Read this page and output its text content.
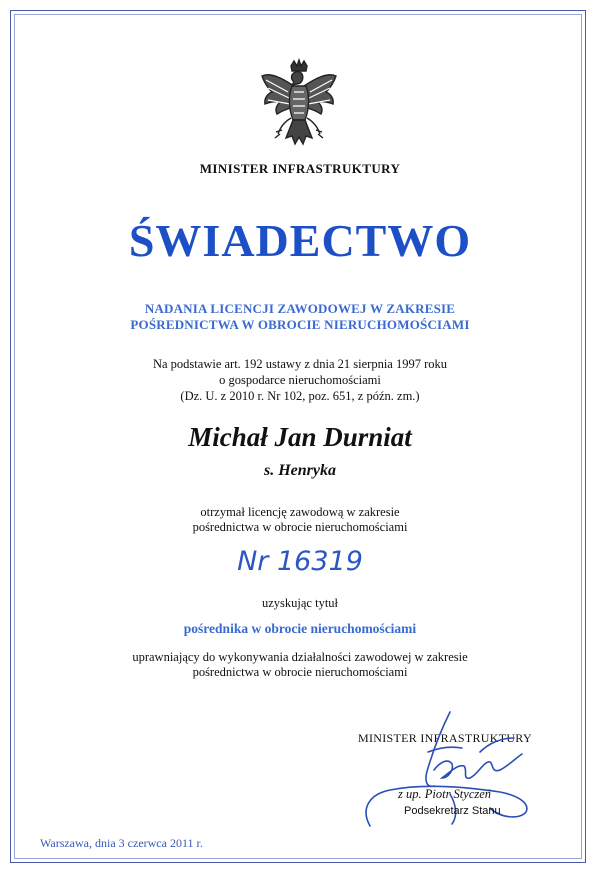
MINISTER INFRASTRUKTURY
ŚWIADECTWO
NADANIA LICENCJI ZAWODOWEJ W ZAKRESIE
POŚREDNICTWA W OBROCIE NIERUCHOMOŚCIAMI
Na podstawie art. 192 ustawy z dnia 21 sierpnia 1997 roku
o gospodarce nieruchomościami
(Dz. U. z 2010 r. Nr 102, poz. 651, z późn. zm.)
Michał Jan Durniat
s. Henryka
otrzymał licencję zawodową w zakresie
pośrednictwa w obrocie nieruchomościami
Nr 16319
uzyskując tytuł
pośrednika w obrocie nieruchomościami
uprawniający do wykonywania działalności zawodowej w zakresie
pośrednictwa w obrocie nieruchomościami
MINISTER INFRASTRUKTURY
z up. Piotr Styczeń
Podsekretarz Stanu
Warszawa, dnia 3 czerwca 2011 r.
